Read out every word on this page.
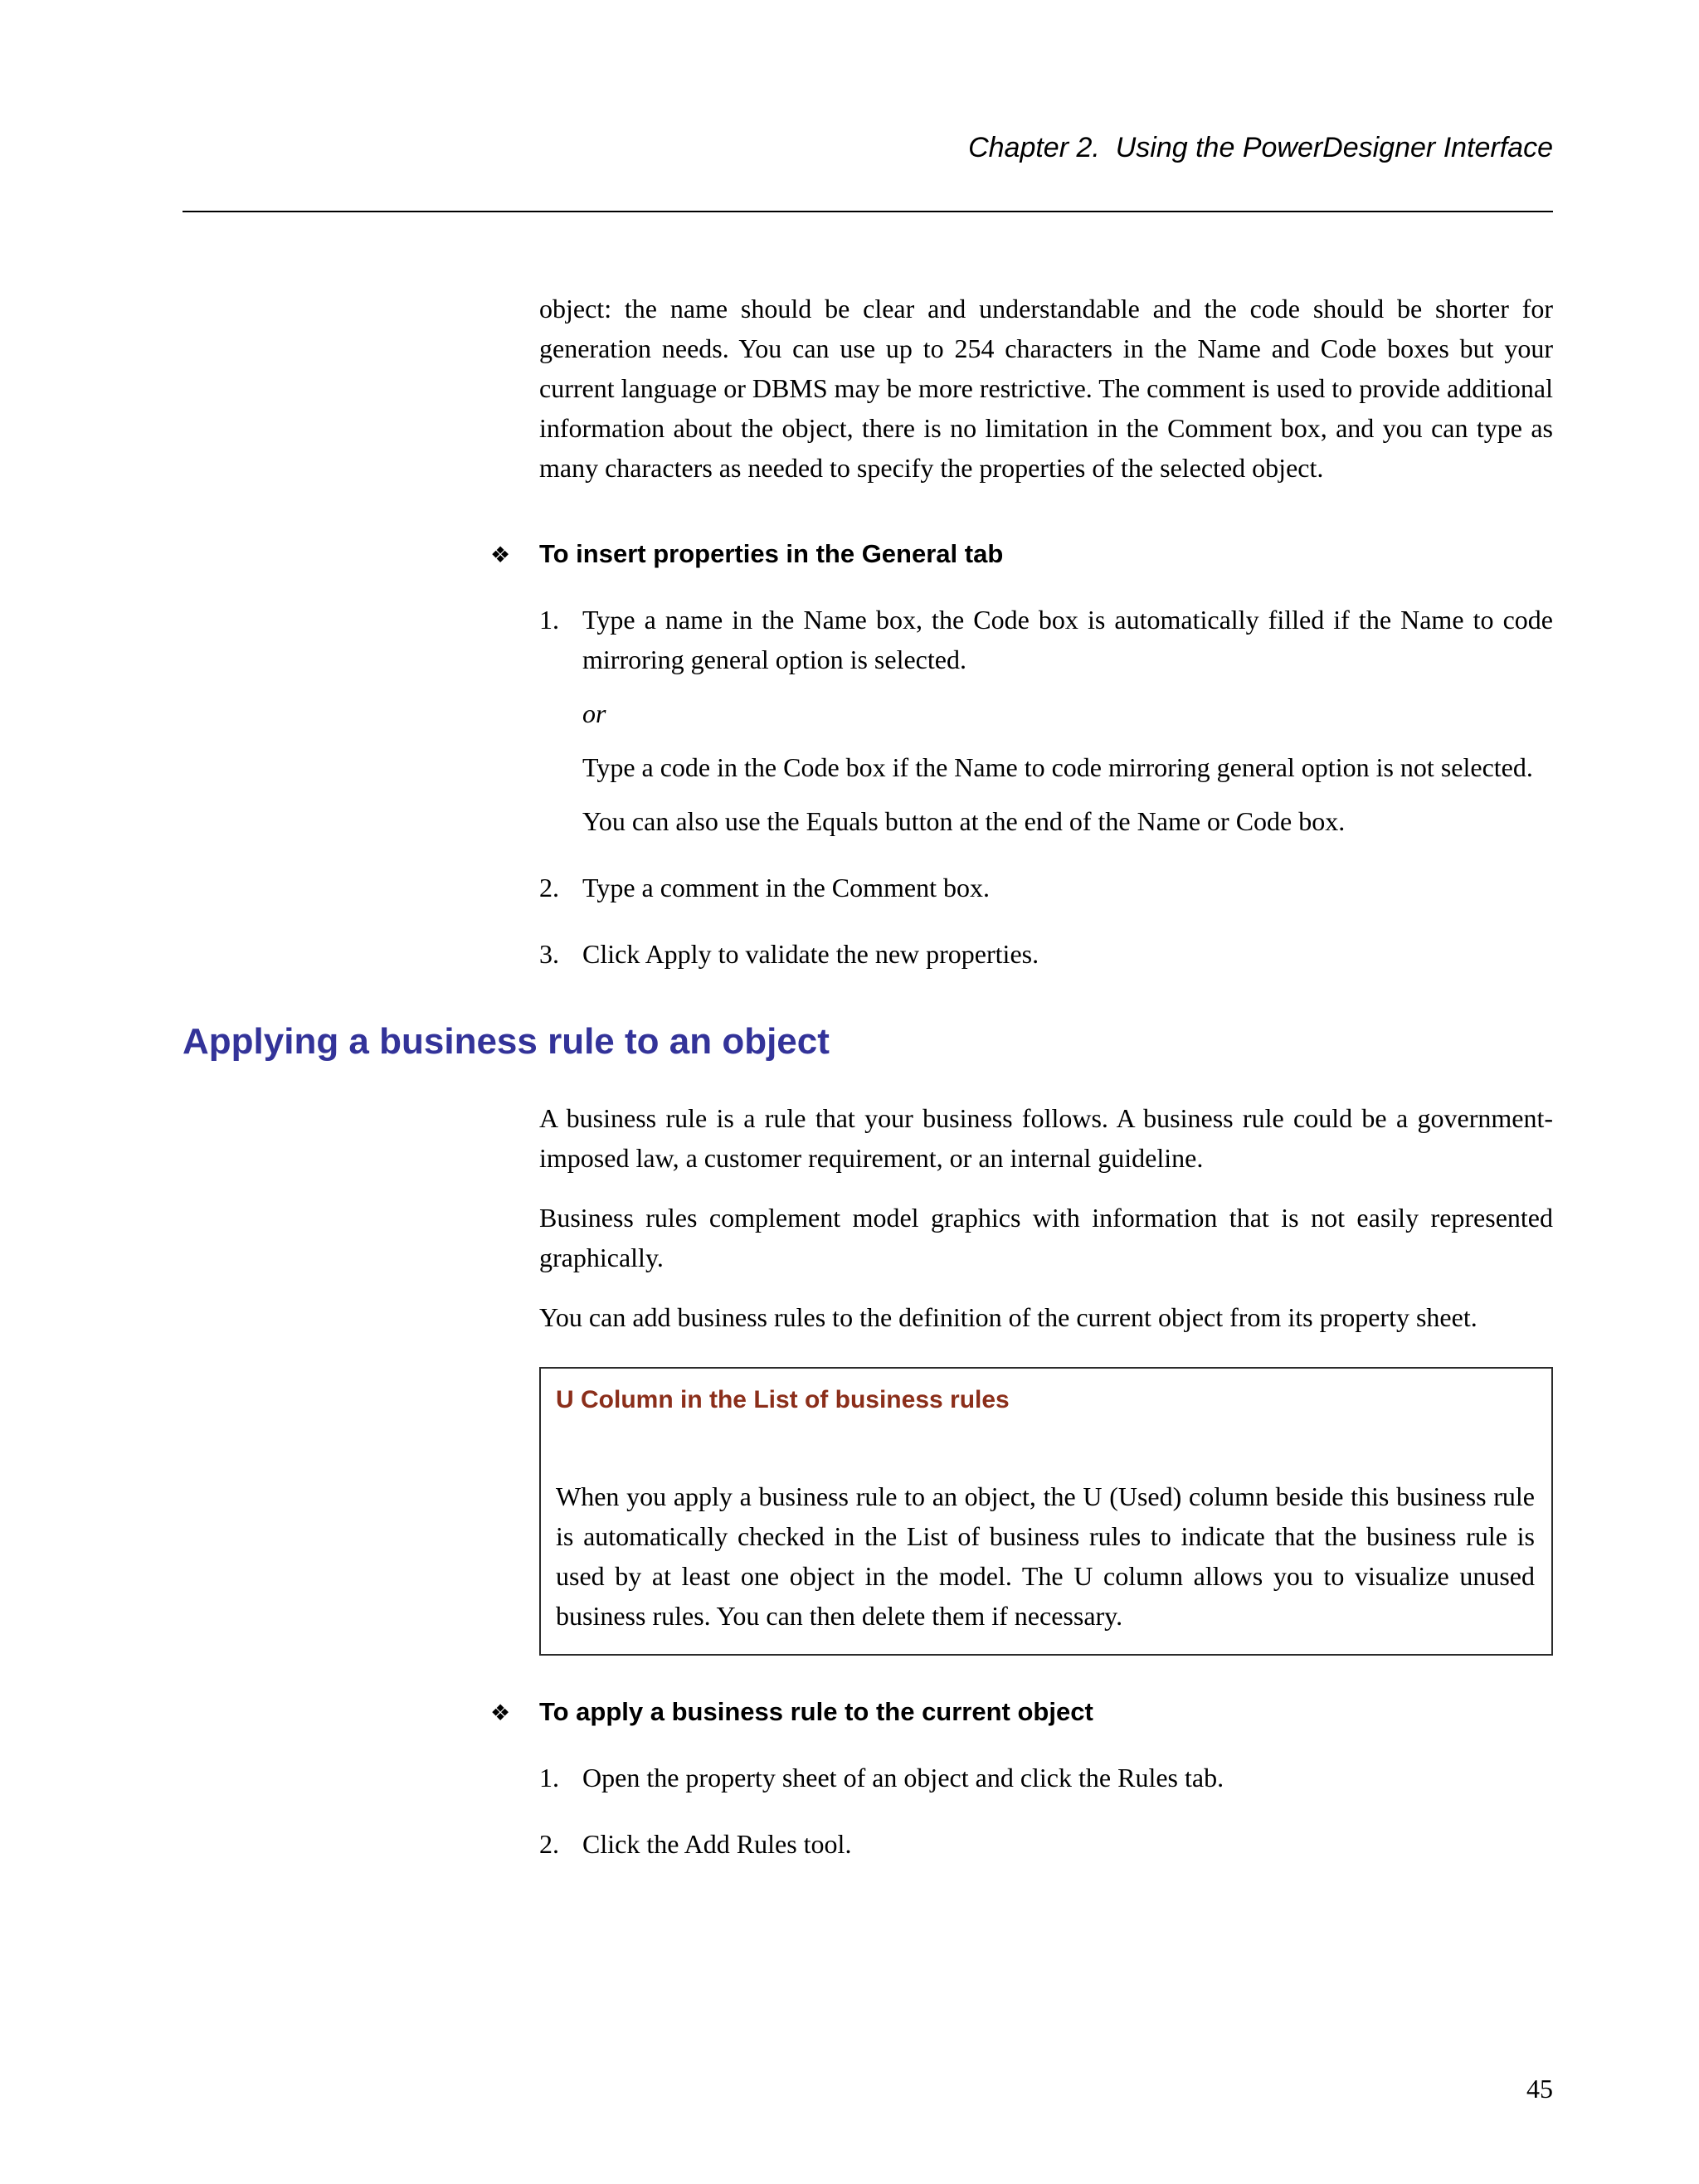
Chapter 2.  Using the PowerDesigner Interface

object: the name should be clear and understandable and the code should be shorter for generation needs. You can use up to 254 characters in the Name and Code boxes but your current language or DBMS may be more restrictive. The comment is used to provide additional information about the object, there is no limitation in the Comment box, and you can type as many characters as needed to specify the properties of the selected object.

❖	To insert properties in the General tab
1. Type a name in the Name box, the Code box is automatically filled if the Name to code mirroring general option is selected.

or

Type a code in the Code box if the Name to code mirroring general option is not selected.

You can also use the Equals button at the end of the Name or Code box.

2. Type a comment in the Comment box.

3. Click Apply to validate the new properties.

Applying a business rule to an object

A business rule is a rule that your business follows. A business rule could be a government-imposed law, a customer requirement, or an internal guideline.

Business rules complement model graphics with information that is not easily represented graphically.

You can add business rules to the definition of the current object from its property sheet.

U Column in the List of business rules

When you apply a business rule to an object, the U (Used) column beside this business rule is automatically checked in the List of business rules to indicate that the business rule is used by at least one object in the model. The U column allows you to visualize unused business rules. You can then delete them if necessary.

❖	To apply a business rule to the current object
1. Open the property sheet of an object and click the Rules tab.

2. Click the Add Rules tool.

45
